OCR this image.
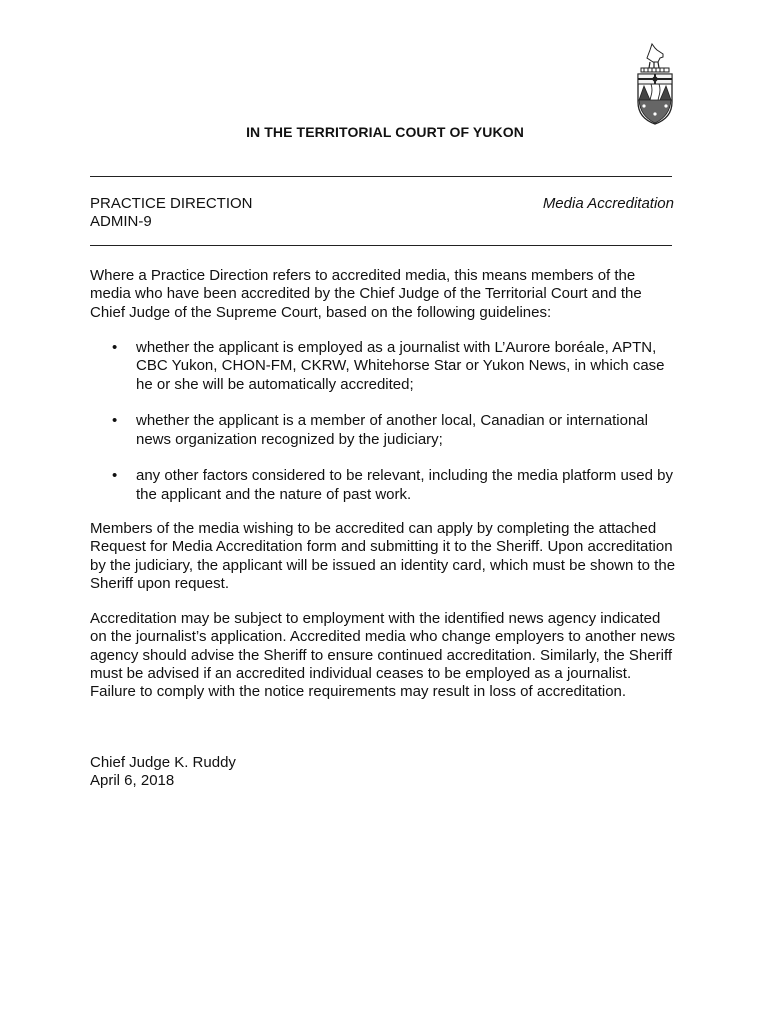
IN THE TERRITORIAL COURT OF YUKON
PRACTICE DIRECTION
ADMIN-9
Media Accreditation
Where a Practice Direction refers to accredited media, this means members of the media who have been accredited by the Chief Judge of the Territorial Court and the Chief Judge of the Supreme Court, based on the following guidelines:
• whether the applicant is employed as a journalist with L’Aurore boréale, APTN, CBC Yukon, CHON-FM, CKRW, Whitehorse Star or Yukon News, in which case he or she will be automatically accredited;
• whether the applicant is a member of another local, Canadian or international news organization recognized by the judiciary;
• any other factors considered to be relevant, including the media platform used by the applicant and the nature of past work.
Members of the media wishing to be accredited can apply by completing the attached Request for Media Accreditation form and submitting it to the Sheriff. Upon accreditation by the judiciary, the applicant will be issued an identity card, which must be shown to the Sheriff upon request.
Accreditation may be subject to employment with the identified news agency indicated on the journalist’s application. Accredited media who change employers to another news agency should advise the Sheriff to ensure continued accreditation. Similarly, the Sheriff must be advised if an accredited individual ceases to be employed as a journalist. Failure to comply with the notice requirements may result in loss of accreditation.
Chief Judge K. Ruddy
April 6, 2018
